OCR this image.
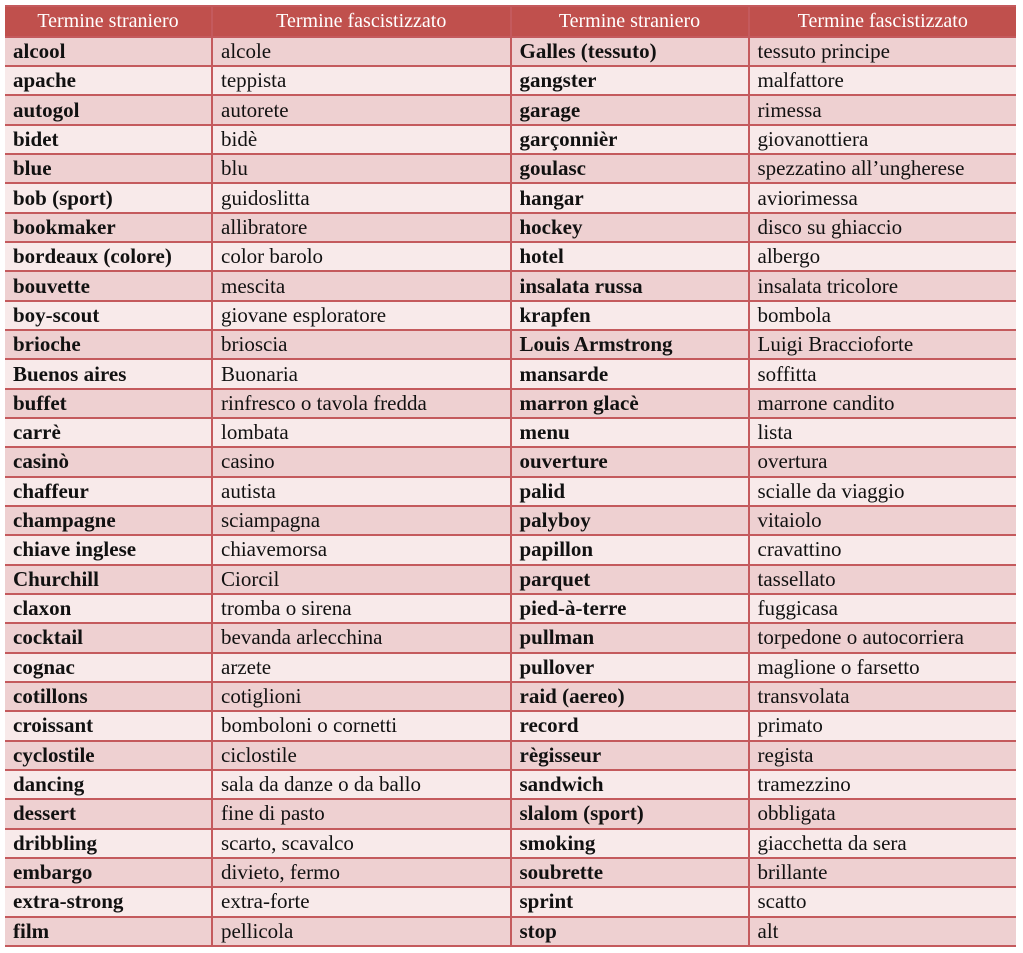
Termine straniero	Termine fascistizzato
alcool	alcole
apache	teppista
autogol	autorete
bidet	bidè
blue	blu
bob (sport)	guidoslitta
bookmaker	allibratore
bordeaux (colore)	color barolo
bouvette	mescita
boy-scout	giovane esploratore
brioche	brioscia
Buenos aires	Buonaria
buffet	rinfresco o tavola fredda
carrè	lombata
casinò	casino
chaffeur	autista
champagne	sciampagna
chiave inglese	chiavemorsa
Churchill	Ciorcil
claxon	tromba o sirena
cocktail	bevanda arlecchina
cognac	arzete
cotillons	cotiglioni
croissant	bomboloni o cornetti
cyclostile	ciclostile
dancing	sala da danze o da ballo
dessert	fine di pasto
dribbling	scarto, scavalco
embargo	divieto, fermo
extra-strong	extra-forte
film	pellicola
Termine straniero	Termine fascistizzato
Galles (tessuto)	tessuto principe
gangster	malfattore
garage	rimessa
garçonnièr	giovanottiera
goulasc	spezzatino all’ungherese
hangar	aviorimessa
hockey	disco su ghiaccio
hotel	albergo
insalata russa	insalata tricolore
krapfen	bombola
Louis Armstrong	Luigi Braccioforte
mansarde	soffitta
marron glacè	marrone candito
menu	lista
ouverture	overtura
palid	scialle da viaggio
palyboy	vitaiolo
papillon	cravattino
parquet	tassellato
pied-à-terre	fuggicasa
pullman	torpedone o autocorriera
pullover	maglione o farsetto
raid (aereo)	transvolata
record	primato
règisseur	regista
sandwich	tramezzino
slalom (sport)	obbligata
smoking	giacchetta da sera
soubrette	brillante
sprint	scatto
stop	alt
